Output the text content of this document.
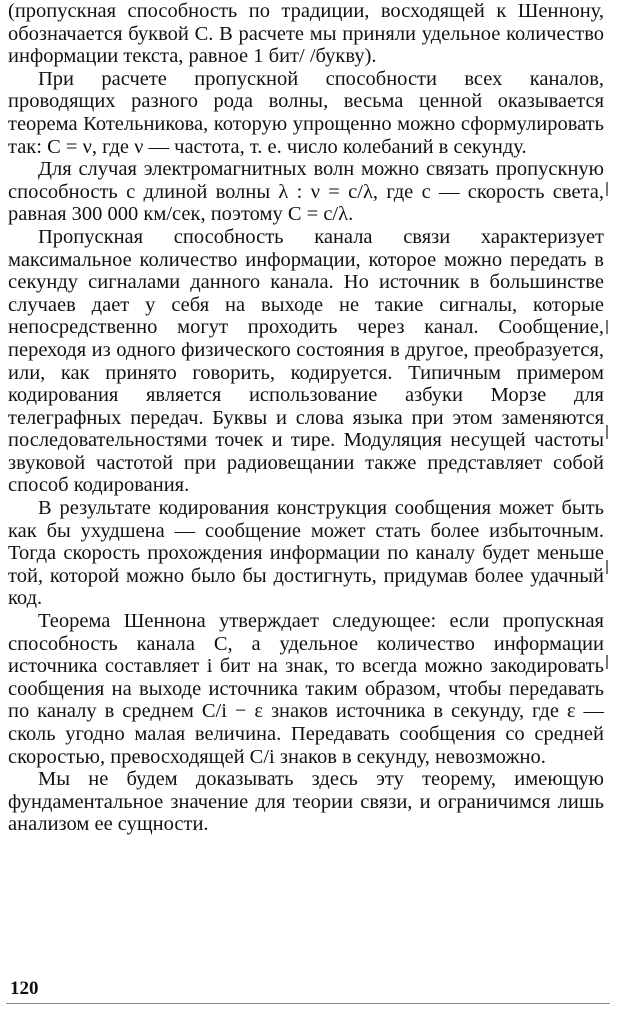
(пропускная способность по традиции, восходящей к Шеннону, обозначается буквой C. В расчете мы приняли удельное количество информации текста, равное 1 бит/ /букву).

При расчете пропускной способности всех каналов, проводящих разного рода волны, весьма ценной оказывается теорема Котельникова, которую упрощенно можно сформулировать так: C = ν, где ν — частота, т. е. число колебаний в секунду.

Для случая электромагнитных волн можно связать пропускную способность с длиной волны λ : ν = c/λ, где c — скорость света, равная 300 000 км/сек, поэтому C = c/λ.

Пропускная способность канала связи характеризует максимальное количество информации, которое можно передать в секунду сигналами данного канала. Но источник в большинстве случаев дает у себя на выходе не такие сигналы, которые непосредственно могут проходить через канал. Сообщение, переходя из одного физического состояния в другое, преобразуется, или, как принято говорить, кодируется. Типичным примером кодирования является использование азбуки Морзе для телеграфных передач. Буквы и слова языка при этом заменяются последовательностями точек и тире. Модуляция несущей частоты звуковой частотой при радиовещании также представляет собой способ кодирования.

В результате кодирования конструкция сообщения может быть как бы ухудшена — сообщение может стать более избыточным. Тогда скорость прохождения информации по каналу будет меньше той, которой можно было бы достигнуть, придумав более удачный код.

Теорема Шеннона утверждает следующее: если пропускная способность канала C, а удельное количество информации источника составляет i бит на знак, то всегда можно закодировать сообщения на выходе источника таким образом, чтобы передавать по каналу в среднем C/i − ε знаков источника в секунду, где ε — сколь угодно малая величина. Передавать сообщения со средней скоростью, превосходящей C/i знаков в секунду, невозможно.

Мы не будем доказывать здесь эту теорему, имеющую фундаментальное значение для теории связи, и ограничимся лишь анализом ее сущности.

120
